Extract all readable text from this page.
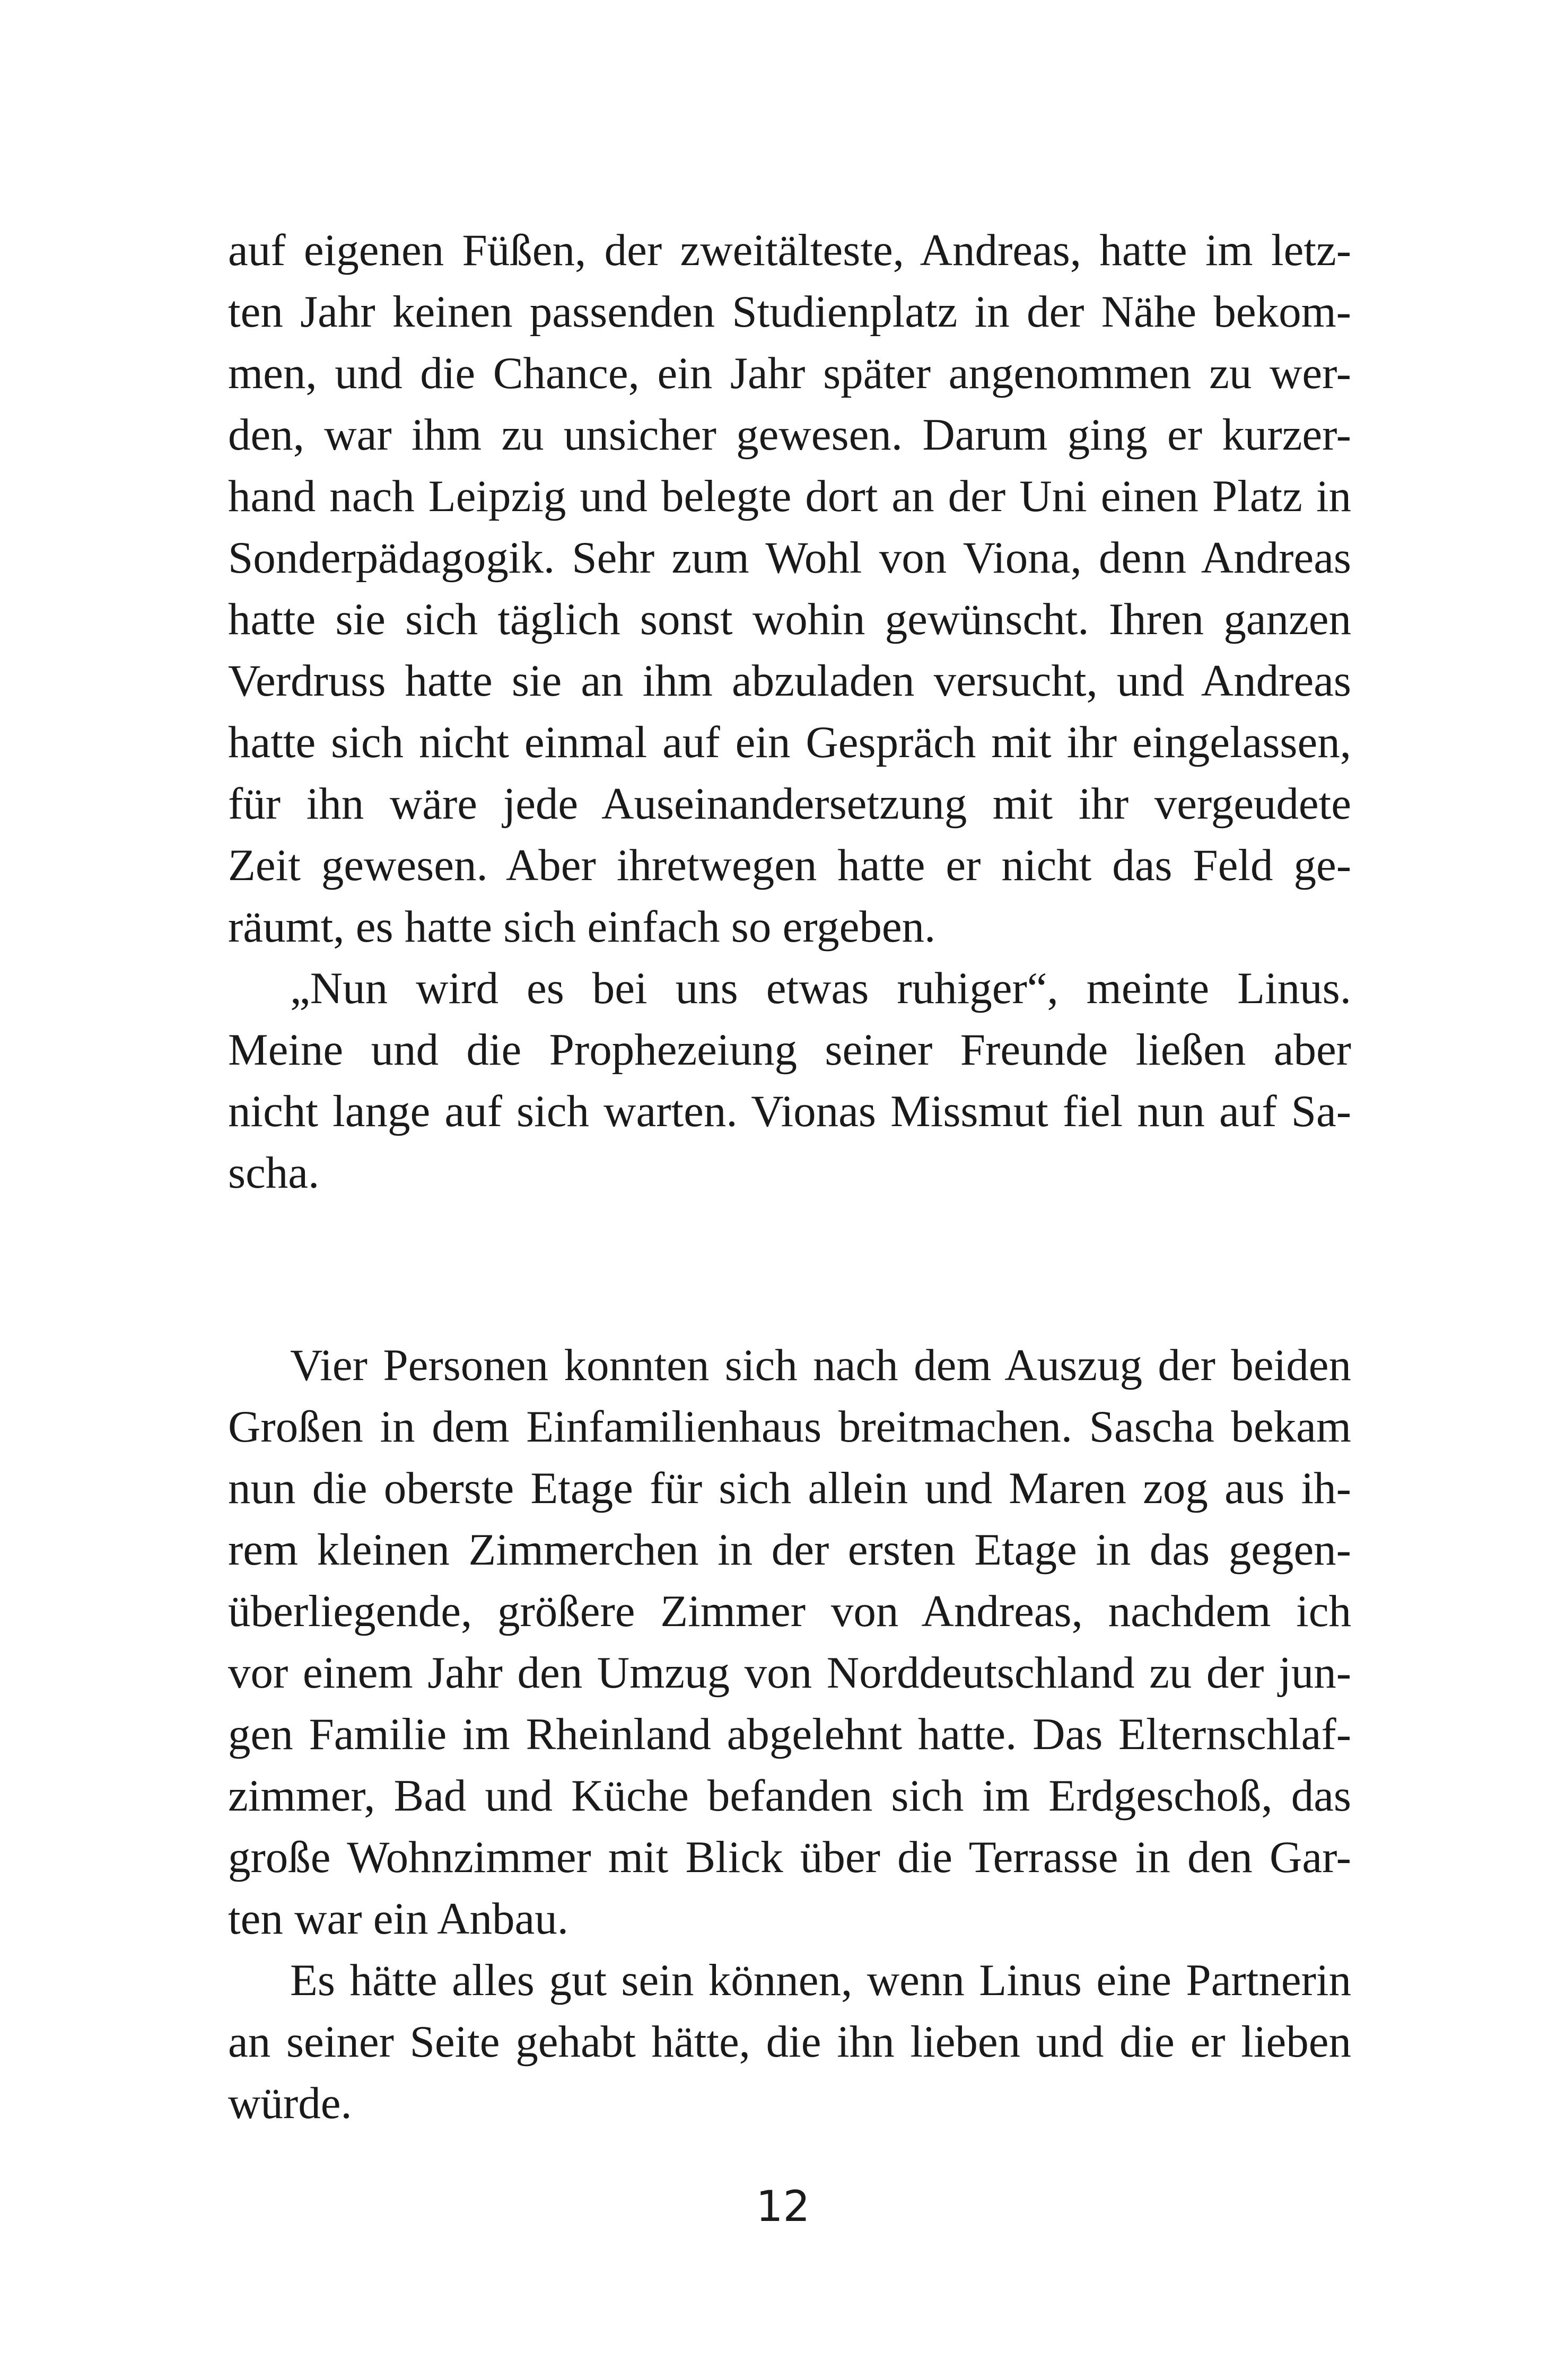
auf eigenen Füßen, der zweitälteste, Andreas, hatte im letz-
ten Jahr keinen passenden Studienplatz in der Nähe bekom-
men, und die Chance, ein Jahr später angenommen zu wer-
den, war ihm zu unsicher gewesen. Darum ging er kurzer-
hand nach Leipzig und belegte dort an der Uni einen Platz in
Sonderpädagogik. Sehr zum Wohl von Viona, denn Andreas
hatte sie sich täglich sonst wohin gewünscht. Ihren ganzen
Verdruss hatte sie an ihm abzuladen versucht, und Andreas
hatte sich nicht einmal auf ein Gespräch mit ihr eingelassen,
für ihn wäre jede Auseinandersetzung mit ihr vergeudete
Zeit gewesen. Aber ihretwegen hatte er nicht das Feld ge-
räumt, es hatte sich einfach so ergeben.

„Nun wird es bei uns etwas ruhiger“, meinte Linus.
Meine und die Prophezeiung seiner Freunde ließen aber
nicht lange auf sich warten. Vionas Missmut fiel nun auf Sa-
scha.

Vier Personen konnten sich nach dem Auszug der beiden
Großen in dem Einfamilienhaus breitmachen. Sascha bekam
nun die oberste Etage für sich allein und Maren zog aus ih-
rem kleinen Zimmerchen in der ersten Etage in das gegen-
überliegende, größere Zimmer von Andreas, nachdem ich
vor einem Jahr den Umzug von Norddeutschland zu der jun-
gen Familie im Rheinland abgelehnt hatte. Das Elternschlaf-
zimmer, Bad und Küche befanden sich im Erdgeschoß, das
große Wohnzimmer mit Blick über die Terrasse in den Gar-
ten war ein Anbau.

Es hätte alles gut sein können, wenn Linus eine Partnerin
an seiner Seite gehabt hätte, die ihn lieben und die er lieben
würde.

12
